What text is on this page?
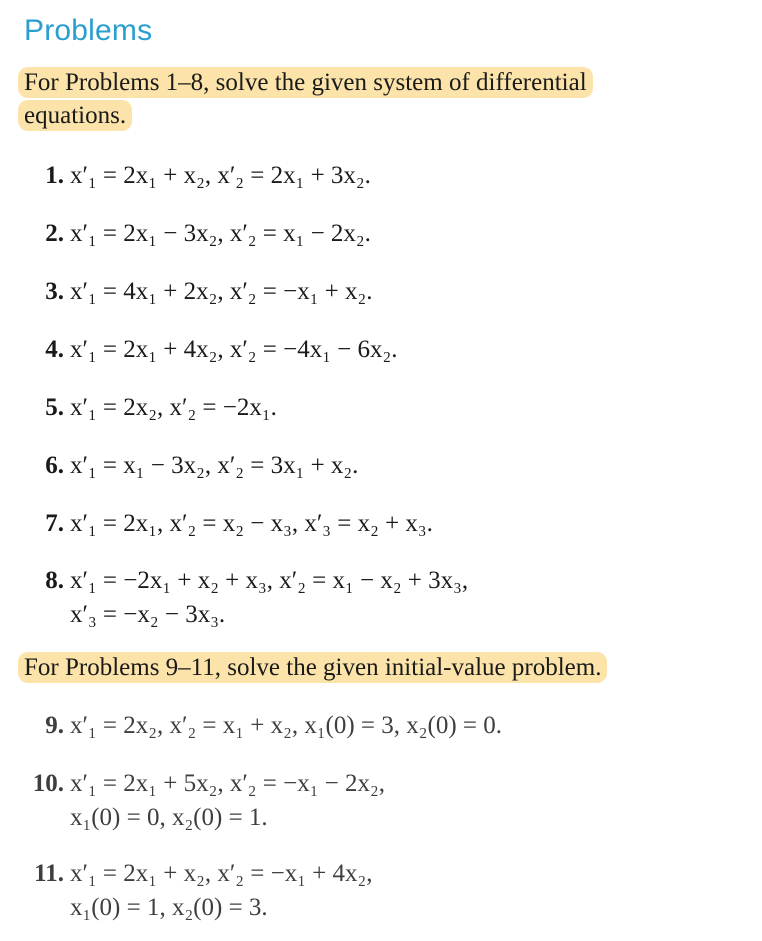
Problems
For Problems 1–8, solve the given system of differential equations.
1. x′₁ = 2x₁ + x₂, x′₂ = 2x₁ + 3x₂.
2. x′₁ = 2x₁ − 3x₂, x′₂ = x₁ − 2x₂.
3. x′₁ = 4x₁ + 2x₂, x′₂ = −x₁ + x₂.
4. x′₁ = 2x₁ + 4x₂, x′₂ = −4x₁ − 6x₂.
5. x′₁ = 2x₂, x′₂ = −2x₁.
6. x′₁ = x₁ − 3x₂, x′₂ = 3x₁ + x₂.
7. x′₁ = 2x₁, x′₂ = x₂ − x₃, x′₃ = x₂ + x₃.
8. x′₁ = −2x₁ + x₂ + x₃, x′₂ = x₁ − x₂ + 3x₃,
x′₃ = −x₂ − 3x₃.
For Problems 9–11, solve the given initial-value problem.
9. x′₁ = 2x₂, x′₂ = x₁ + x₂, x₁(0) = 3, x₂(0) = 0.
10. x′₁ = 2x₁ + 5x₂, x′₂ = −x₁ − 2x₂,
x₁(0) = 0, x₂(0) = 1.
11. x′₁ = 2x₁ + x₂, x′₂ = −x₁ + 4x₂,
x₁(0) = 1, x₂(0) = 3.
